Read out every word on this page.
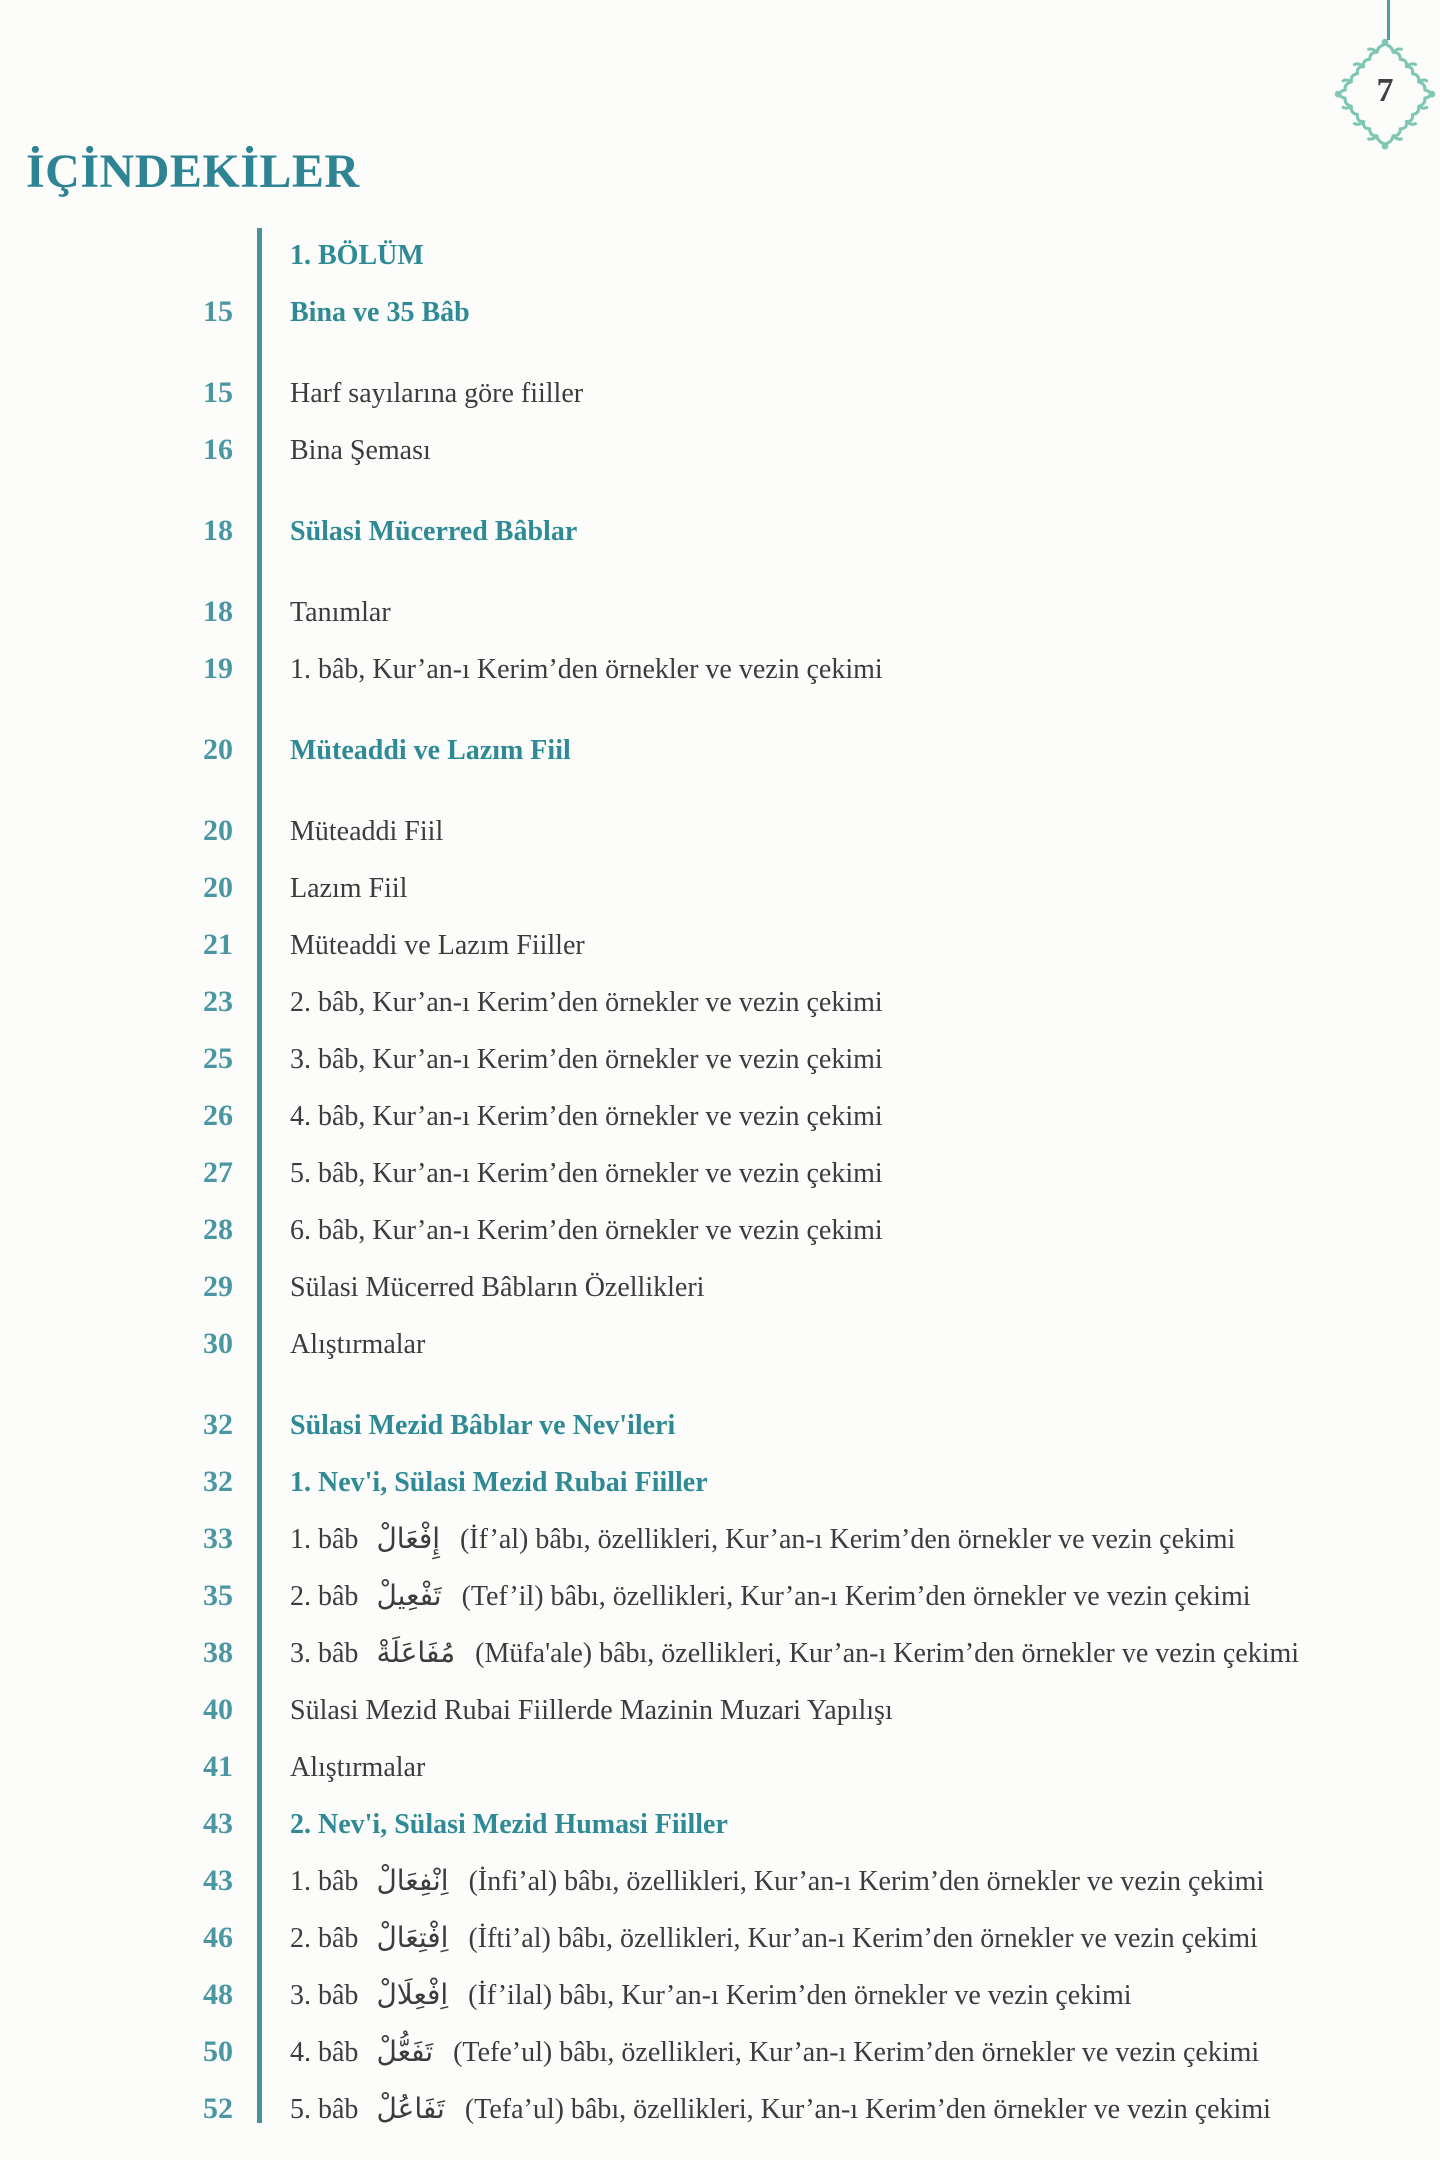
İÇİNDEKİLER
7
1. BÖLÜM
15	Bina ve 35 Bâb
15	Harf sayılarına göre fiiller
16	Bina Şeması
18	Sülasi Mücerred Bâblar
18	Tanımlar
19	1. bâb, Kur’an-ı Kerim’den örnekler ve vezin çekimi
20	Müteaddi ve Lazım Fiil
20	Müteaddi Fiil
20	Lazım Fiil
21	Müteaddi ve Lazım Fiiller
23	2. bâb, Kur’an-ı Kerim’den örnekler ve vezin çekimi
25	3. bâb, Kur’an-ı Kerim’den örnekler ve vezin çekimi
26	4. bâb, Kur’an-ı Kerim’den örnekler ve vezin çekimi
27	5. bâb, Kur’an-ı Kerim’den örnekler ve vezin çekimi
28	6. bâb, Kur’an-ı Kerim’den örnekler ve vezin çekimi
29	Sülasi Mücerred Bâbların Özellikleri
30	Alıştırmalar
32	Sülasi Mezid Bâblar ve Nev'ileri
32	1. Nev'i, Sülasi Mezid Rubai Fiiller
33	1. bâb إِفْعَالْ (İf’al) bâbı, özellikleri, Kur’an-ı Kerim’den örnekler ve vezin çekimi
35	2. bâb تَفْعِيلْ (Tef’il) bâbı, özellikleri, Kur’an-ı Kerim’den örnekler ve vezin çekimi
38	3. bâb مُفَاعَلَةْ (Müfa'ale) bâbı, özellikleri, Kur’an-ı Kerim’den örnekler ve vezin çekimi
40	Sülasi Mezid Rubai Fiillerde Mazinin Muzari Yapılışı
41	Alıştırmalar
43	2. Nev'i, Sülasi Mezid Humasi Fiiller
43	1. bâb اِنْفِعَالْ (İnfi’al) bâbı, özellikleri, Kur’an-ı Kerim’den örnekler ve vezin çekimi
46	2. bâb اِفْتِعَالْ (İfti’al) bâbı, özellikleri, Kur’an-ı Kerim’den örnekler ve vezin çekimi
48	3. bâb اِفْعِلَالْ (İf’ilal) bâbı, Kur’an-ı Kerim’den örnekler ve vezin çekimi
50	4. bâb تَفَعُّلْ (Tefe’ul) bâbı, özellikleri, Kur’an-ı Kerim’den örnekler ve vezin çekimi
52	5. bâb تَفَاعُلْ (Tefa’ul) bâbı, özellikleri, Kur’an-ı Kerim’den örnekler ve vezin çekimi
